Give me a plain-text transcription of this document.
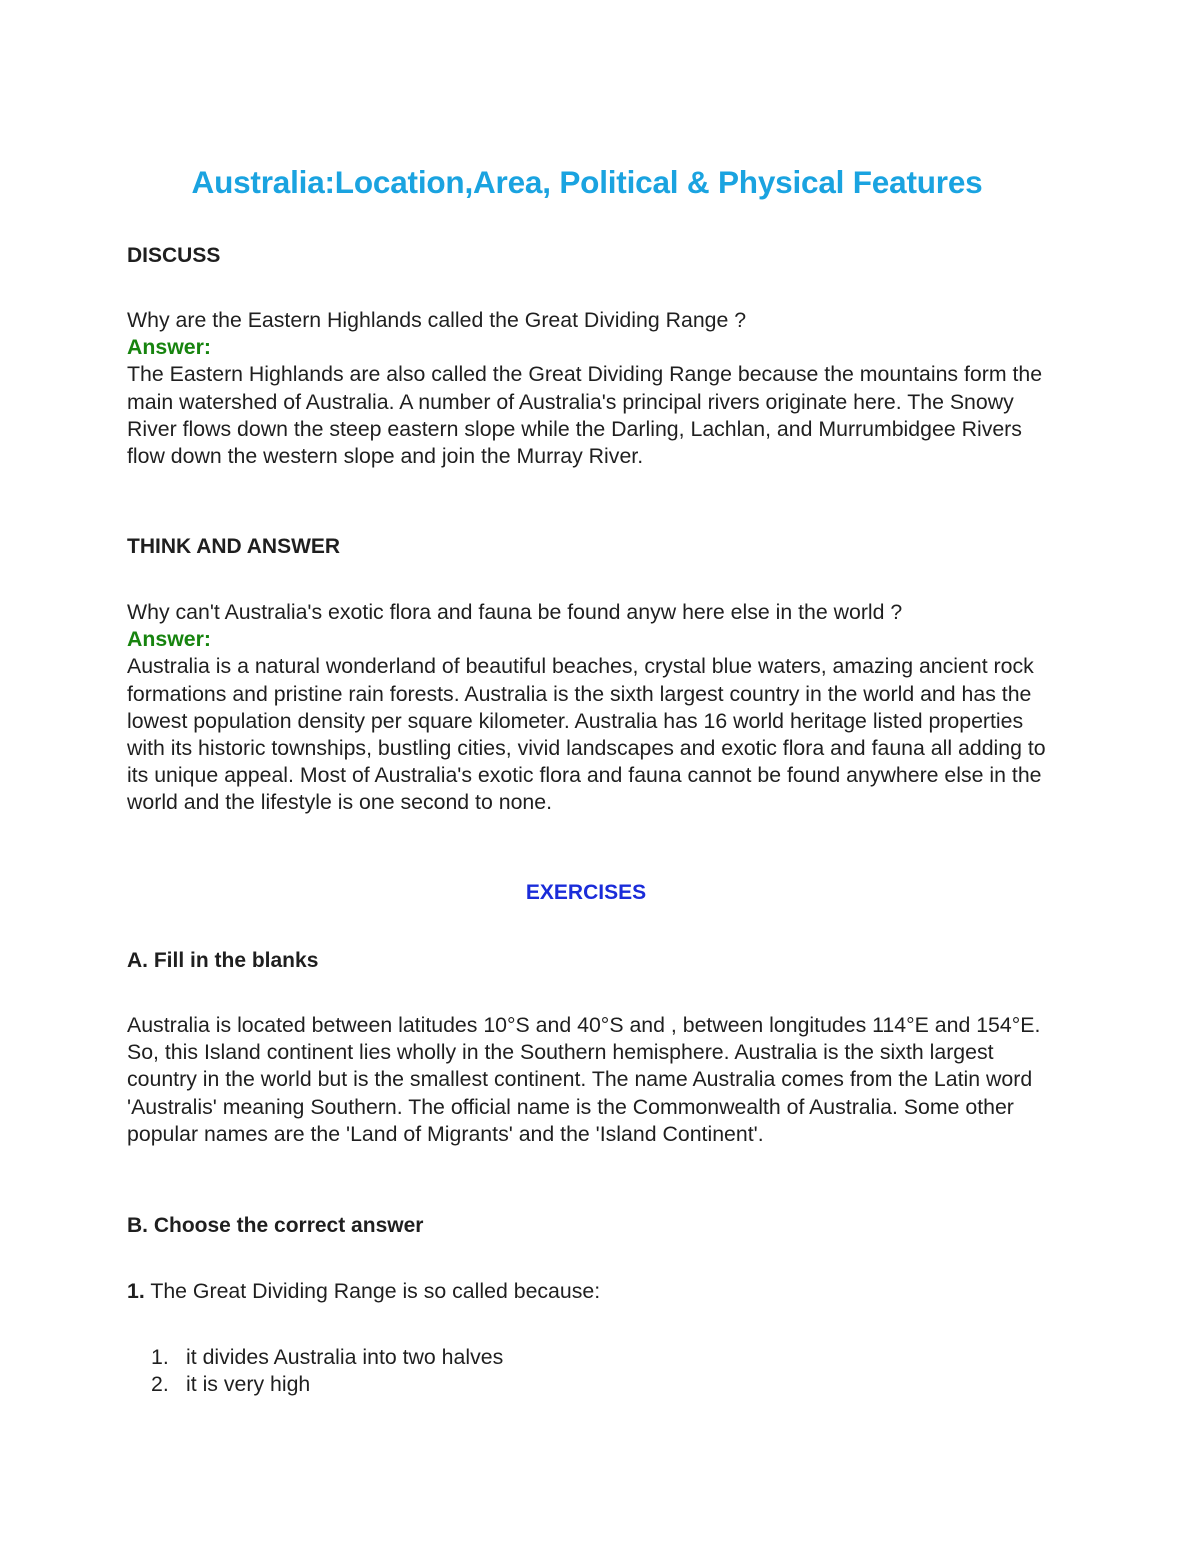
Australia:Location,Area, Political & Physical Features
DISCUSS
Why are the Eastern Highlands called the Great Dividing Range ?
Answer:
The Eastern Highlands are also called the Great Dividing Range because the mountains form the main watershed of Australia. A number of Australia's principal rivers originate here. The Snowy River flows down the steep eastern slope while the Darling, Lachlan, and Murrumbidgee Rivers flow down the western slope and join the Murray River.
THINK AND ANSWER
Why can't Australia's exotic flora and fauna be found anyw here else in the world ?
Answer:
Australia is a natural wonderland of beautiful beaches, crystal blue waters, amazing ancient rock formations and pristine rain forests. Australia is the sixth largest country in the world and has the lowest population density per square kilometer. Australia has 16 world heritage listed properties with its historic townships, bustling cities, vivid landscapes and exotic flora and fauna all adding to its unique appeal. Most of Australia's exotic flora and fauna cannot be found anywhere else in the world and the lifestyle is one second to none.
EXERCISES
A. Fill in the blanks
Australia is located between latitudes 10°S and 40°S and , between longitudes 114°E and 154°E. So, this Island continent lies wholly in the Southern hemisphere. Australia is the sixth largest country in the world but is the smallest continent. The name Australia comes from the Latin word 'Australis' meaning Southern. The official name is the Commonwealth of Australia. Some other popular names are the 'Land of Migrants' and the 'Island Continent'.
B. Choose the correct answer
1. The Great Dividing Range is so called because:
1. it divides Australia into two halves
2. it is very high
